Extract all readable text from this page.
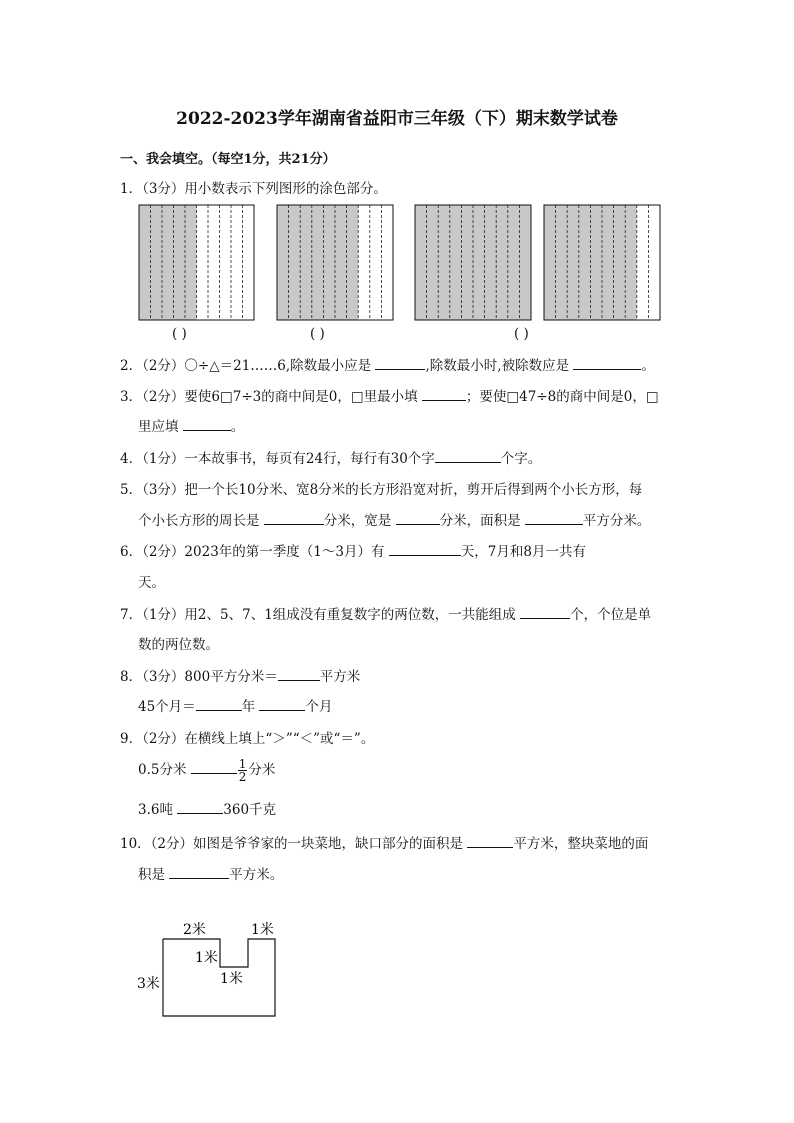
2022-2023学年湖南省益阳市三年级（下）期末数学试卷
一、我会填空。（每空1分，共21分）
1．（3分）用小数表示下列图形的涂色部分。
( )	( )	( )
2．（2分）〇÷△＝21……6,除数最小应是	,除数最小时,被除数应是	。
3．（2分）要使6□7÷3的商中间是0，□里最小填	；要使□47÷8的商中间是0，□
里应填	。
4．（1分）一本故事书，每页有24行，每行有30个字	个字。
5．（3分）把一个长10分米、宽8分米的长方形沿宽对折，剪开后得到两个小长方形，每
个小长方形的周长是	分米，宽是	分米，面积是	平方分米。
6．（2分）2023年的第一季度（1～3月）有	天，7月和8月一共有
天。
7．（1分）用2、5、7、1组成没有重复数字的两位数，一共能组成	个，个位是单
数的两位数。
8．（3分）800平方分米＝	平方米
45个月＝	年	个月
9．（2分）在横线上填上“＞”“＜”或“＝”。
0.5分米	$\frac{1}{2}$ 分米
3.6吨	360千克
10．（2分）如图是爷爷家的一块菜地，缺口部分的面积是	平方米，整块菜地的面
积是	平方米。
2米	1米
1米
1米
3米
